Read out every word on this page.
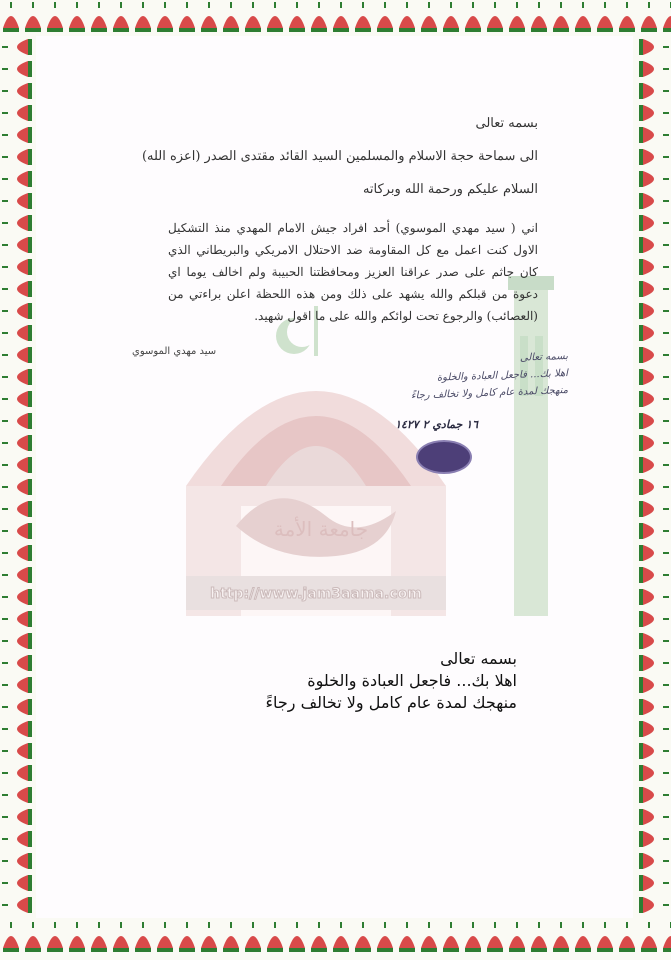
http://www.jam3aama.com
جامعة الأمة
بسمه تعالى
الى سماحة حجة الاسلام والمسلمين السيد القائد مقتدى الصدر (اعزه الله)
السلام عليكم ورحمة الله وبركاته
اني ( سيد مهدي الموسوي) أحد افراد جيش الامام المهدي منذ التشكيل الاول كنت اعمل مع كل المقاومة ضد الاحتلال الامريكي والبريطاني الذي كان جاثم على صدر عراقنا العزيز ومحافظتنا الحبيبة ولم اخالف يوما اي دعوة من قبلكم والله يشهد على ذلك ومن هذه اللحظة اعلن براءتي من (العصائب) والرجوع تحت لوائكم والله على ما اقول شهيد.
سيد مهدي الموسوي	بسمه تعالى
اهلا بك... فاجعل العبادة والخلوة
منهجك لمدة عام كامل ولا تخالف رجاءً
١٦ جمادي ٢ ١٤٢٧
بسمه تعالى
اهلا بك... فاجعل العبادة والخلوة
منهجك لمدة عام كامل ولا تخالف رجاءً
